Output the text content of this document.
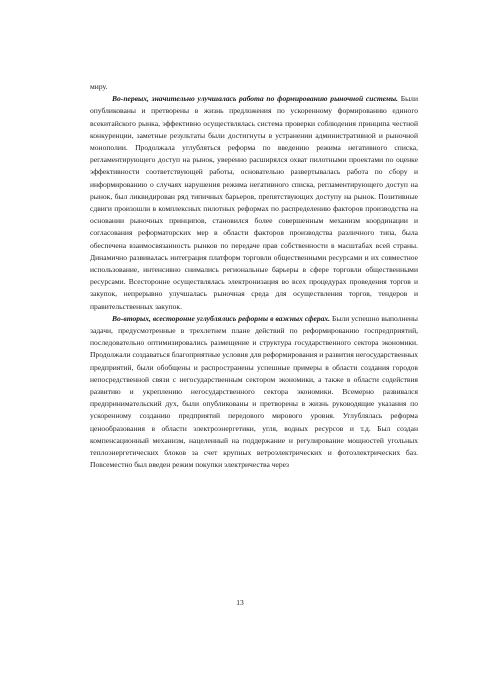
миру.

Во-первых, значительно улучшалась работа по формированию рыночной системы. Были опубликованы и претворены в жизнь предложения по ускоренному формированию единого всекитайского рынка, эффективно осуществлялась система проверки соблюдения принципа честной конкуренции, заметные результаты были достигнуты в устранении административной и рыночной монополии. Продолжала углубляться реформа по введению режима негативного списка, регламентирующего доступ на рынок, уверенно расширялся охват пилотными проектами по оценке эффективности соответствующей работы, основательно развертывалась работа по сбору и информированию о случаях нарушения режима негативного списка, регламентирующего доступ на рынок, был ликвидирован ряд типичных барьеров, препятствующих доступу на рынок. Позитивные сдвиги произошли в комплексных пилотных реформах по распределению факторов производства на основании рыночных принципов, становился более совершенным механизм координации и согласования реформаторских мер в области факторов производства различного типа, была обеспечена взаимосвязанность рынков по передаче прав собственности в масштабах всей страны. Динамично развивалась интеграция платформ торговли общественными ресурсами и их совместное использование, интенсивно снимались региональные барьеры в сфере торговли общественными ресурсами. Всесторонне осуществлялась электронизация во всех процедурах проведения торгов и закупок, непрерывно улучшалась рыночная среда для осуществления торгов, тендеров и правительственных закупок.

Во-вторых, всесторонне углублялись реформы в важных сферах. Были успешно выполнены задачи, предусмотренные в трехлетнем плане действий по реформированию госпредприятий, последовательно оптимизировались размещение и структура государственного сектора экономики. Продолжали создаваться благоприятные условия для реформирования и развития негосударственных предприятий, были обобщены и распространены успешные примеры в области создания городов непосредственной связи с негосударственным сектором экономики, а также в области содействия развитию и укреплению негосударственного сектора экономики. Всемерно развивался предпринимательский дух, были опубликованы и претворены в жизнь руководящие указания по ускоренному созданию предприятий передового мирового уровня. Углублялась реформа ценообразования в области электроэнергетики, угля, водных ресурсов и т.д. Был создан компенсационный механизм, нацеленный на поддержание и регулирование мощностей угольных теплоэнергетических блоков за счет крупных ветроэлектрических и фотоэлектрических баз. Повсеместно был введен режим покупки электричества через

13
